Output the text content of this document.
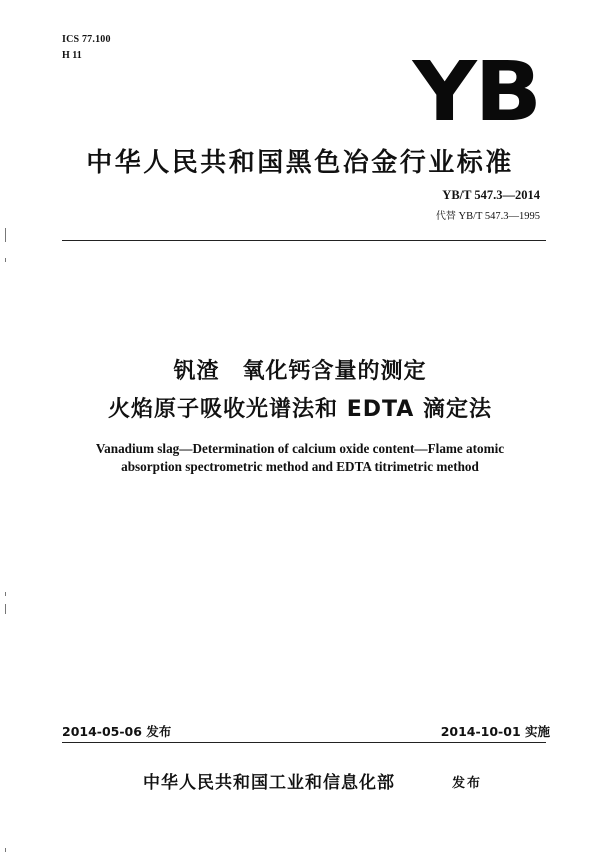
ICS 77.100
H 11	YB
中华人民共和国黑色冶金行业标准
YB/T 547.3—2014
代替 YB/T 547.3—1995
钒渣　氧化钙含量的测定
火焰原子吸收光谱法和 EDTA 滴定法
Vanadium slag—Determination of calcium oxide content—Flame atomic
absorption spectrometric method and EDTA titrimetric method
2014-05-06 发布	2014-10-01 实施
中华人民共和国工业和信息化部	发布
